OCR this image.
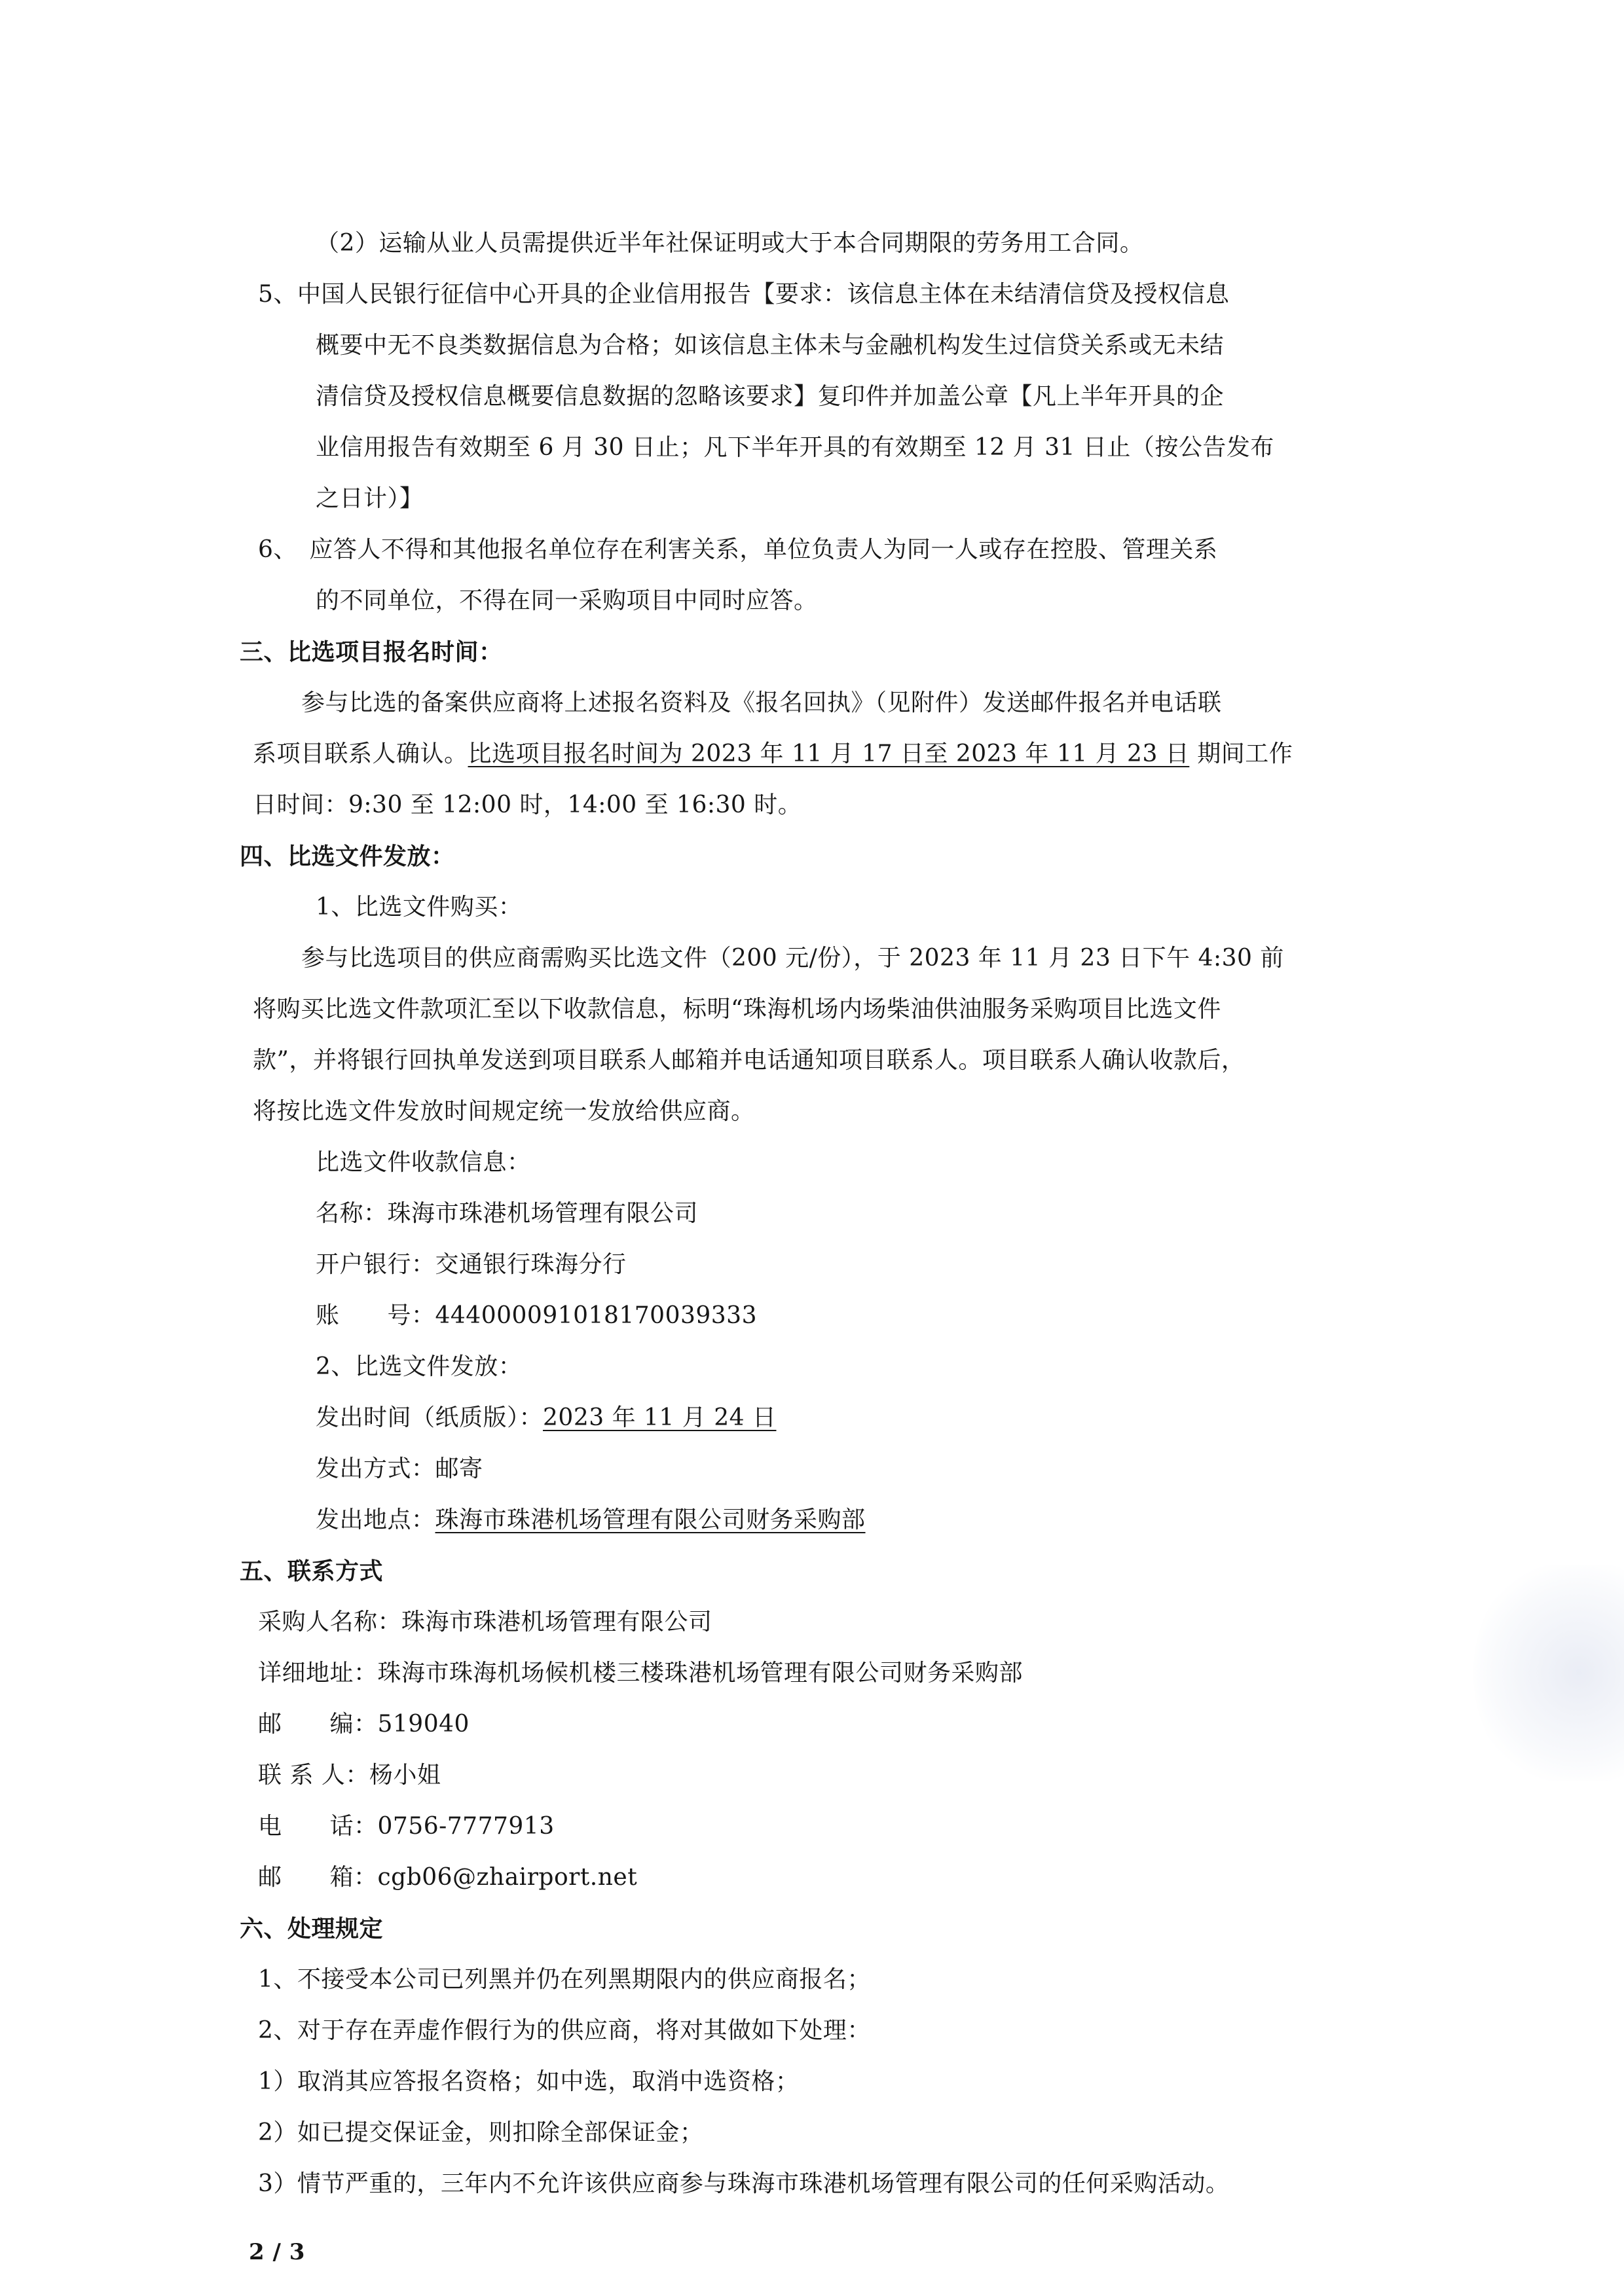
（2）运输从业人员需提供近半年社保证明或大于本合同期限的劳务用工合同。
5、中国人民银行征信中心开具的企业信用报告【要求：该信息主体在未结清信贷及授权信息
概要中无不良类数据信息为合格；如该信息主体未与金融机构发生过信贷关系或无未结
清信贷及授权信息概要信息数据的忽略该要求】复印件并加盖公章【凡上半年开具的企
业信用报告有效期至 6 月 30 日止；凡下半年开具的有效期至 12 月 31 日止（按公告发布
之日计）】
6、　应答人不得和其他报名单位存在利害关系，单位负责人为同一人或存在控股、管理关系
的不同单位，不得在同一采购项目中同时应答。
三、比选项目报名时间：
参与比选的备案供应商将上述报名资料及《报名回执》（见附件）发送邮件报名并电话联
系项目联系人确认。比选项目报名时间为 2023 年 11 月 17 日至 2023 年 11 月 23 日 期间工作
日时间：9:30 至 12:00 时，14:00 至 16:30 时。
四、比选文件发放：
1、比选文件购买：
参与比选项目的供应商需购买比选文件（200 元/份），于 2023 年 11 月 23 日下午 4:30 前
将购买比选文件款项汇至以下收款信息，标明“珠海机场内场柴油供油服务采购项目比选文件
款”，并将银行回执单发送到项目联系人邮箱并电话通知项目联系人。项目联系人确认收款后，
将按比选文件发放时间规定统一发放给供应商。
比选文件收款信息：
名称：珠海市珠港机场管理有限公司
开户银行：交通银行珠海分行
账　　号：444000091018170039333
2、比选文件发放：
发出时间（纸质版）：2023 年 11 月 24 日
发出方式：邮寄
发出地点：珠海市珠港机场管理有限公司财务采购部
五、联系方式
采购人名称：珠海市珠港机场管理有限公司
详细地址：珠海市珠海机场候机楼三楼珠港机场管理有限公司财务采购部
邮　　编：519040
联 系 人：杨小姐
电　　话：0756-7777913
邮　　箱：cgb06@zhairport.net
六、处理规定
1、不接受本公司已列黑并仍在列黑期限内的供应商报名；
2、对于存在弄虚作假行为的供应商，将对其做如下处理：
1）取消其应答报名资格；如中选，取消中选资格；
2）如已提交保证金，则扣除全部保证金；
3）情节严重的，三年内不允许该供应商参与珠海市珠港机场管理有限公司的任何采购活动。
2 / 3
